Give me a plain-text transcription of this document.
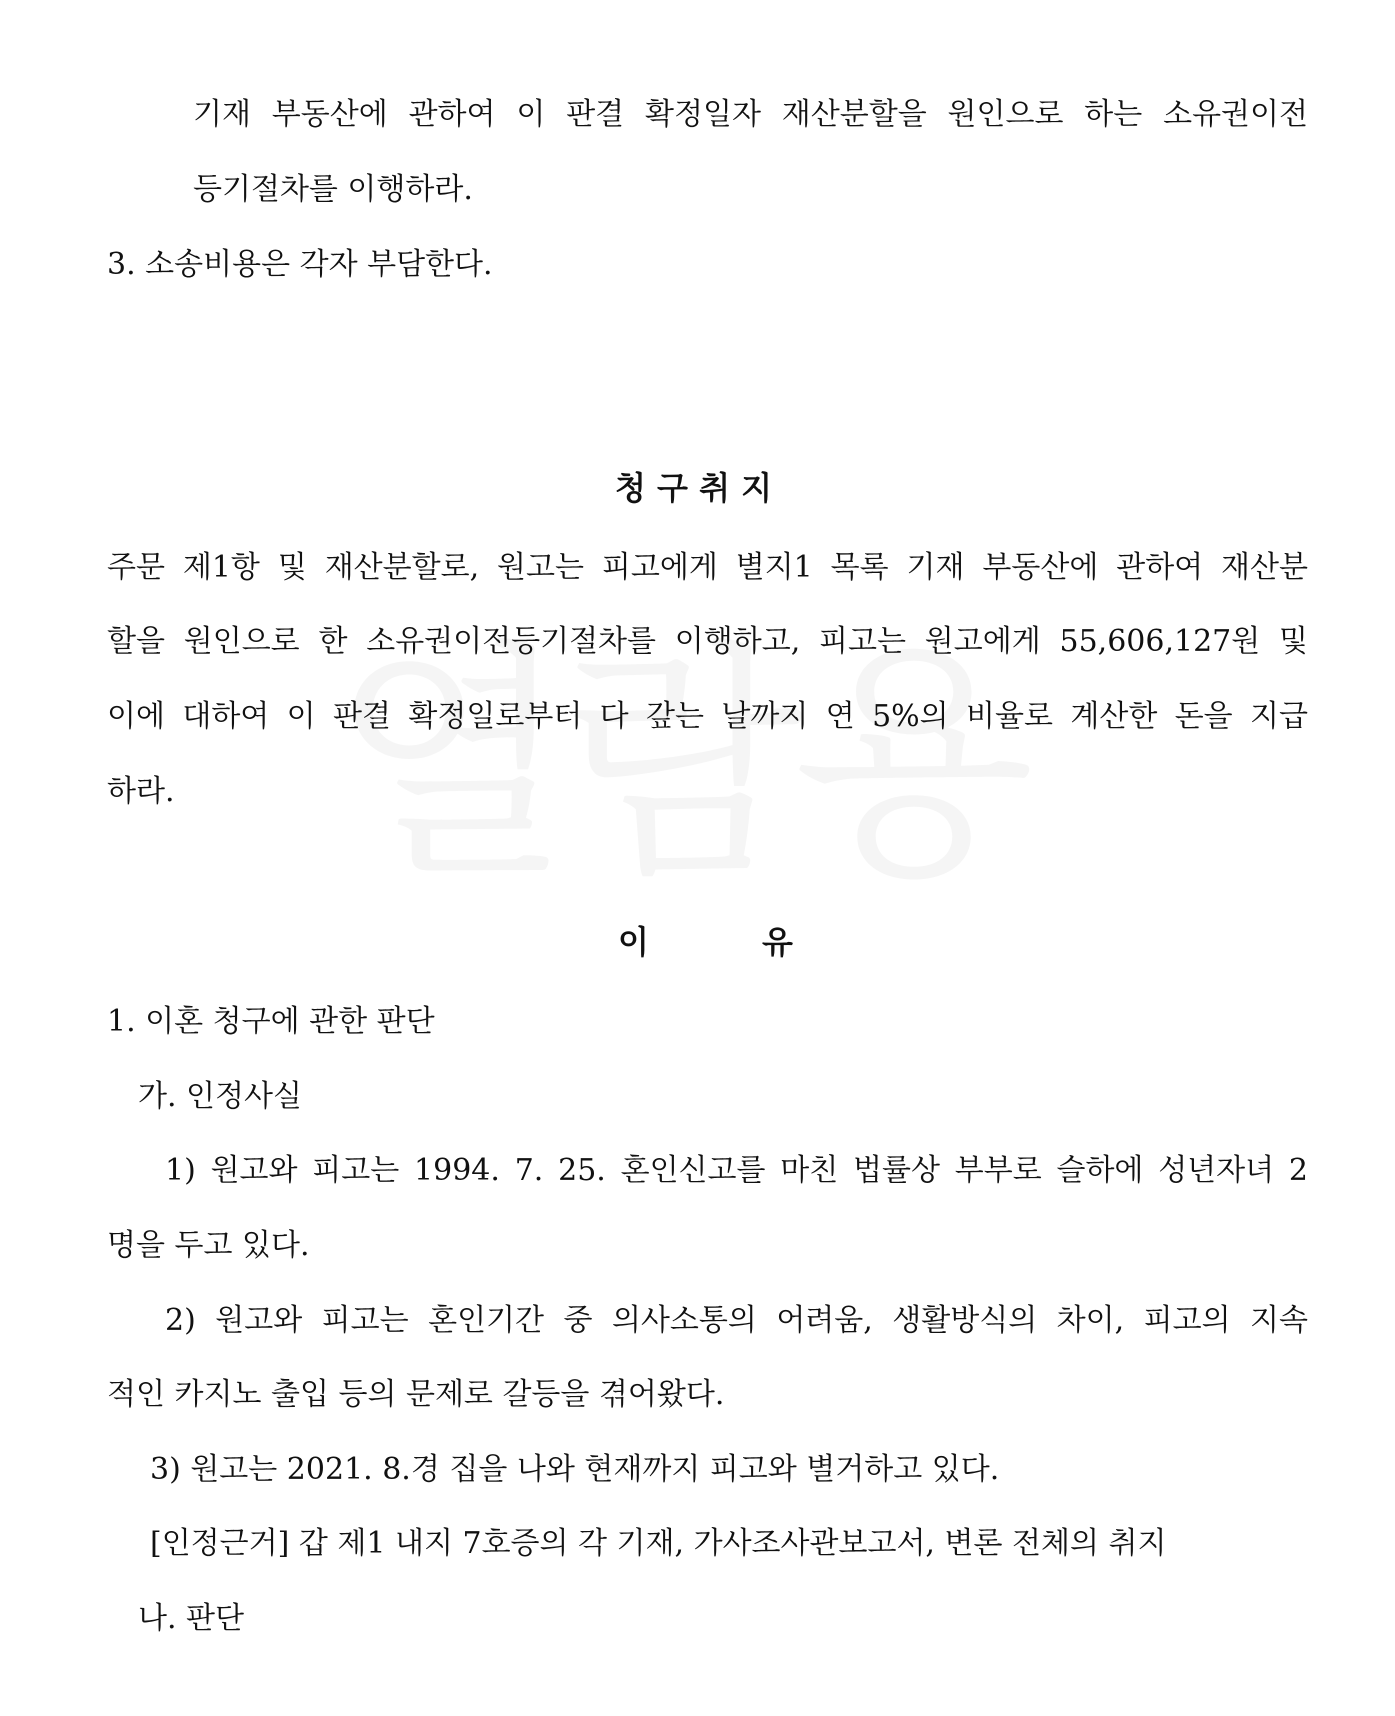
기재 부동산에 관하여 이 판결 확정일자 재산분할을 원인으로 하는 소유권이전
등기절차를 이행하라.
3. 소송비용은 각자 부담한다.
청 구 취 지
주문 제1항 및 재산분할로, 원고는 피고에게 별지1 목록 기재 부동산에 관하여 재산분
할을 원인으로 한 소유권이전등기절차를 이행하고, 피고는 원고에게 55,606,127원 및
이에 대하여 이 판결 확정일로부터 다 갚는 날까지 연 5%의 비율로 계산한 돈을 지급
하라.
이	유
1. 이혼 청구에 관한 판단
가. 인정사실
1) 원고와 피고는 1994. 7. 25. 혼인신고를 마친 법률상 부부로 슬하에 성년자녀 2
명을 두고 있다.
2) 원고와 피고는 혼인기간 중 의사소통의 어려움, 생활방식의 차이, 피고의 지속
적인 카지노 출입 등의 문제로 갈등을 겪어왔다.
3) 원고는 2021. 8.경 집을 나와 현재까지 피고와 별거하고 있다.
[인정근거] 갑 제1 내지 7호증의 각 기재, 가사조사관보고서, 변론 전체의 취지
나. 판단
